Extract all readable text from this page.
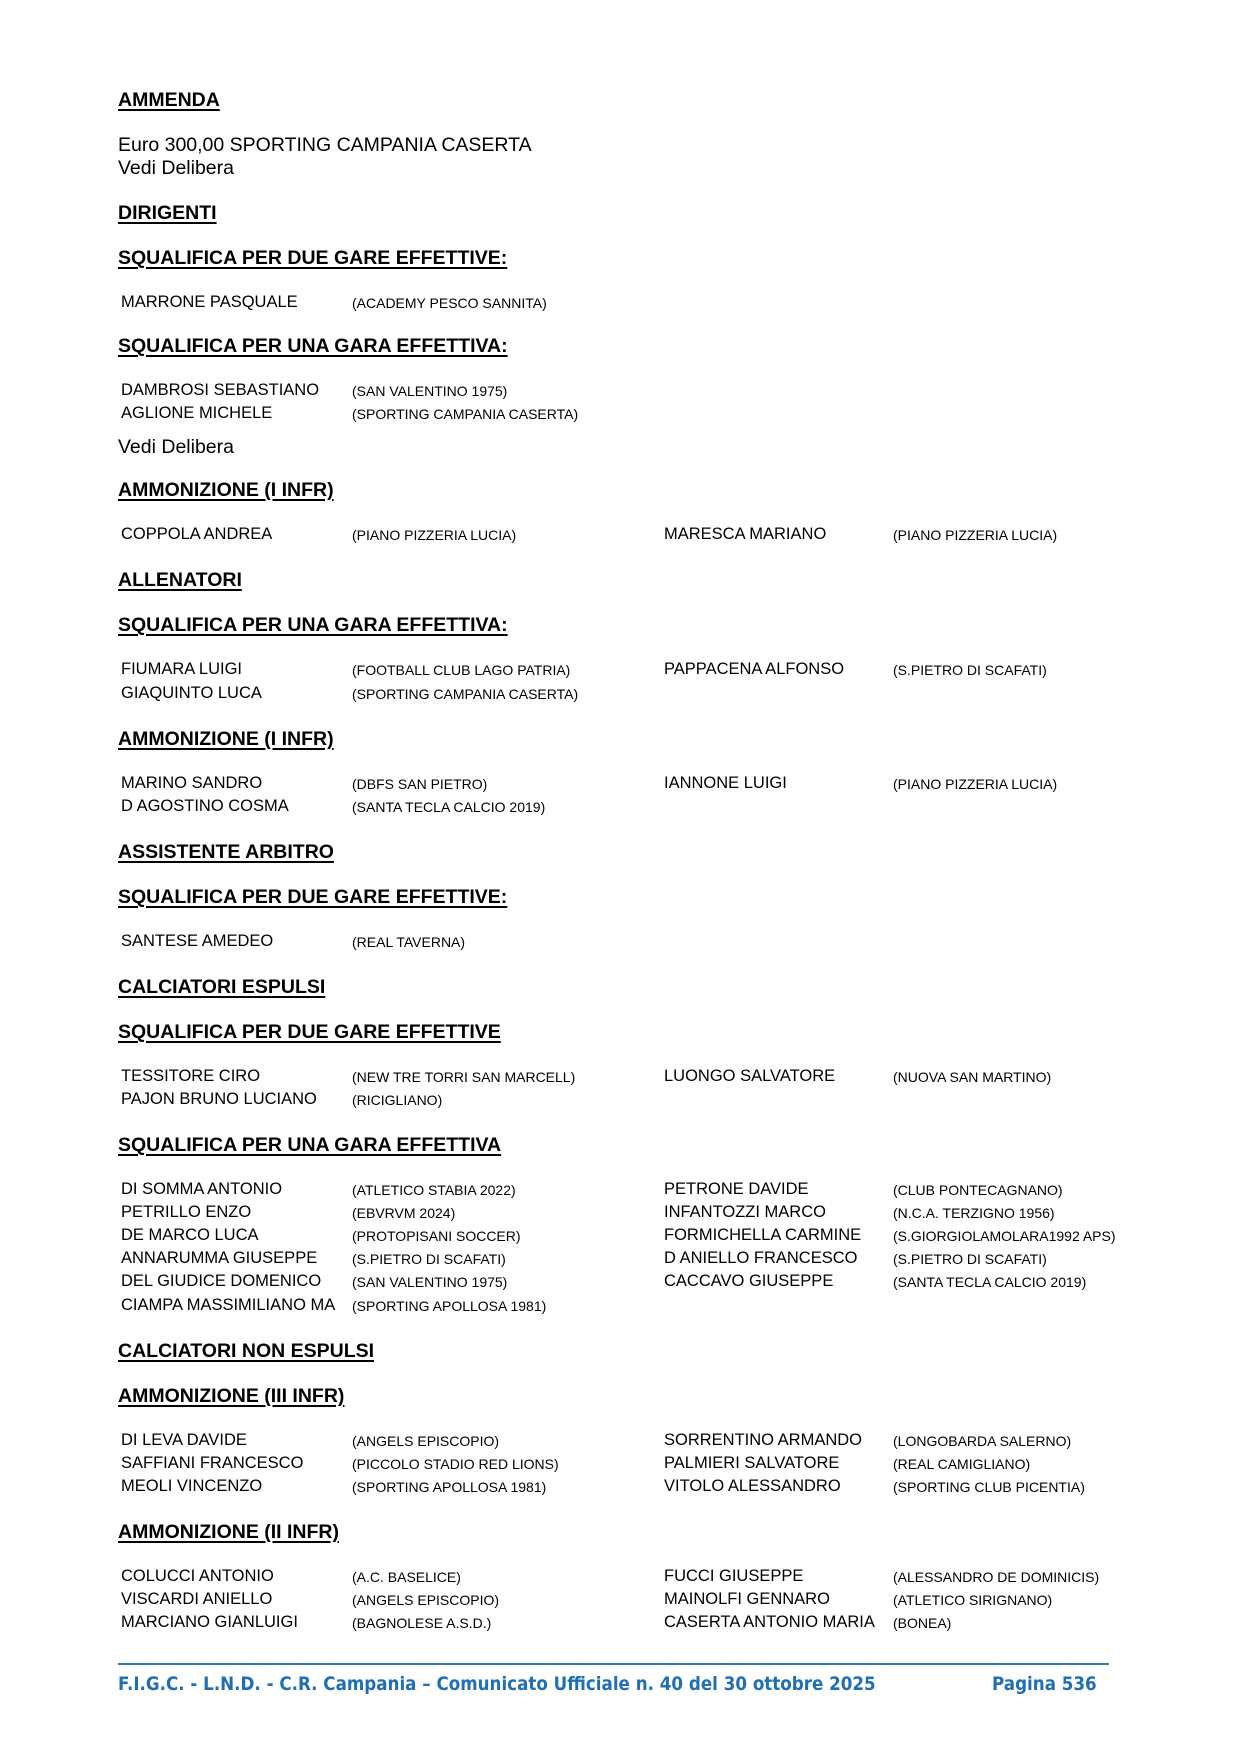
AMMENDA
Euro 300,00 SPORTING CAMPANIA CASERTA
Vedi Delibera
DIRIGENTI
SQUALIFICA PER DUE GARE EFFETTIVE:
MARRONE PASQUALE	(ACADEMY PESCO SANNITA)
SQUALIFICA PER UNA GARA EFFETTIVA:
DAMBROSI SEBASTIANO (SAN VALENTINO 1975)
AGLIONE MICHELE	(SPORTING CAMPANIA CASERTA)
Vedi Delibera
AMMONIZIONE (I INFR)
COPPOLA ANDREA	(PIANO PIZZERIA LUCIA)	MARESCA MARIANO	(PIANO PIZZERIA LUCIA)
ALLENATORI
SQUALIFICA PER UNA GARA EFFETTIVA:
FIUMARA LUIGI	(FOOTBALL CLUB LAGO PATRIA)	PAPPACENA ALFONSO	(S.PIETRO DI SCAFATI)
GIAQUINTO LUCA	(SPORTING CAMPANIA CASERTA)
AMMONIZIONE (I INFR)
MARINO SANDRO	(DBFS SAN PIETRO)	IANNONE LUIGI	(PIANO PIZZERIA LUCIA)
D AGOSTINO COSMA	(SANTA TECLA CALCIO 2019)
ASSISTENTE ARBITRO
SQUALIFICA PER DUE GARE EFFETTIVE:
SANTESE AMEDEO	(REAL TAVERNA)
CALCIATORI ESPULSI
SQUALIFICA PER DUE GARE EFFETTIVE
TESSITORE CIRO	(NEW TRE TORRI SAN MARCELL)	LUONGO SALVATORE	(NUOVA SAN MARTINO)
PAJON BRUNO LUCIANO	(RICIGLIANO)
SQUALIFICA PER UNA GARA EFFETTIVA
DI SOMMA ANTONIO	(ATLETICO STABIA 2022)	PETRONE DAVIDE	(CLUB PONTECAGNANO)
PETRILLO ENZO	(EBVRVM 2024)	INFANTOZZI MARCO	(N.C.A. TERZIGNO 1956)
DE MARCO LUCA	(PROTOPISANI SOCCER)	FORMICHELLA CARMINE (S.GIORGIOLAMOLARA1992 APS)
ANNARUMMA GIUSEPPE (S.PIETRO DI SCAFATI)	D ANIELLO FRANCESCO	(S.PIETRO DI SCAFATI)
DEL GIUDICE DOMENICO (SAN VALENTINO 1975)	CACCAVO GIUSEPPE	(SANTA TECLA CALCIO 2019)
CIAMPA MASSIMILIANO MA (SPORTING APOLLOSA 1981)
CALCIATORI NON ESPULSI
AMMONIZIONE (III INFR)
DI LEVA DAVIDE	(ANGELS EPISCOPIO)	SORRENTINO ARMANDO (LONGOBARDA SALERNO)
SAFFIANI FRANCESCO	(PICCOLO STADIO RED LIONS)	PALMIERI SALVATORE	(REAL CAMIGLIANO)
MEOLI VINCENZO	(SPORTING APOLLOSA 1981)	VITOLO ALESSANDRO	(SPORTING CLUB PICENTIA)
AMMONIZIONE (II INFR)
COLUCCI ANTONIO	(A.C. BASELICE)	FUCCI GIUSEPPE	(ALESSANDRO DE DOMINICIS)
VISCARDI ANIELLO	(ANGELS EPISCOPIO)	MAINOLFI GENNARO	(ATLETICO SIRIGNANO)
MARCIANO GIANLUIGI	(BAGNOLESE A.S.D.)	CASERTA ANTONIO MARIA (BONEA)
F.I.G.C. - L.N.D. - C.R. Campania – Comunicato Ufficiale n. 40 del 30 ottobre 2025	Pagina 536
